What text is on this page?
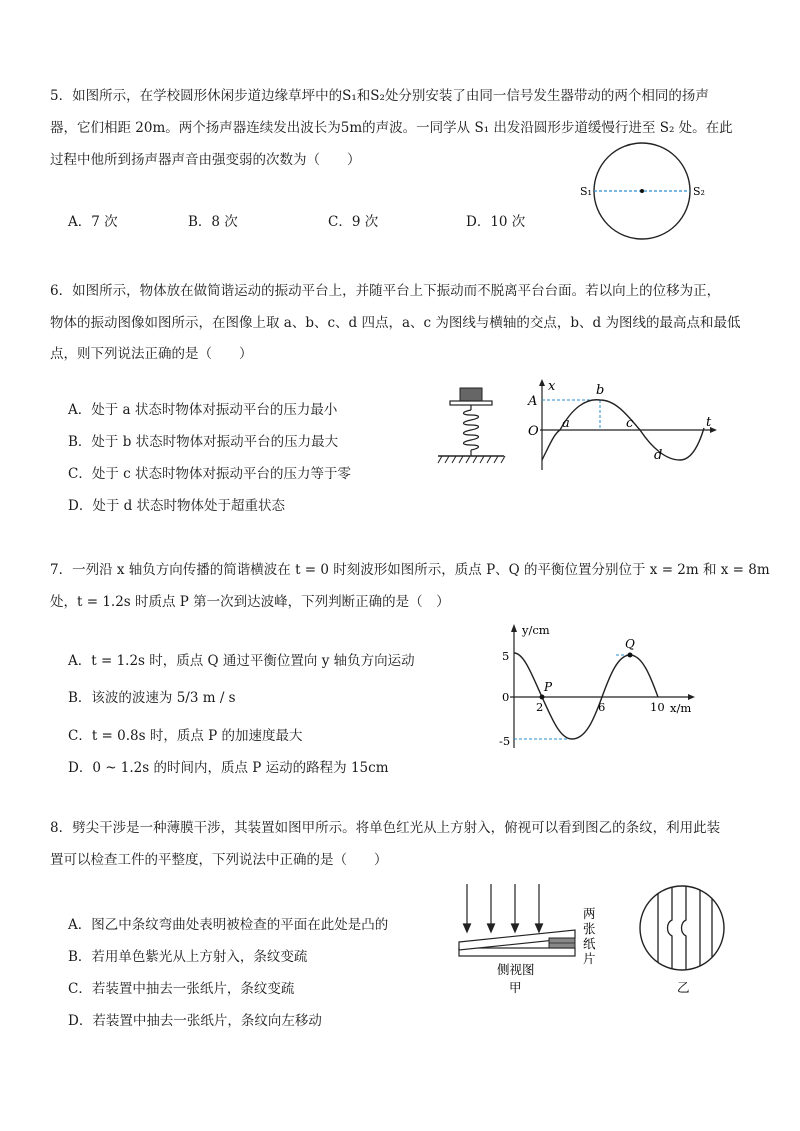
5．如图所示，在学校圆形休闲步道边缘草坪中的S₁和S₂处分别安装了由同一信号发生器带动的两个相同的扬声
器，它们相距 20m。两个扬声器连续发出波长为5m的声波。一同学从 S₁ 出发沿圆形步道缓慢行进至 S₂ 处。在此
过程中他所到扬声器声音由强变弱的次数为（　　）
A．7 次	B．8 次	C．9 次	D．10 次
S₁	S₂
6．如图所示，物体放在做简谐运动的振动平台上，并随平台上下振动而不脱离平台台面。若以向上的位移为正，
物体的振动图像如图所示，在图像上取 a、b、c、d 四点，a、c 为图线与横轴的交点，b、d 为图线的最高点和最低
点，则下列说法正确的是（　　）
A．处于 a 状态时物体对振动平台的压力最小
B．处于 b 状态时物体对振动平台的压力最大
C．处于 c 状态时物体对振动平台的压力等于零
D．处于 d 状态时物体处于超重状态
x
t
A
O
a
b
c
d
7．一列沿 x 轴负方向传播的简谐横波在 t = 0 时刻波形如图所示，质点 P、Q 的平衡位置分别位于 x = 2m 和 x = 8m
处，t = 1.2s 时质点 P 第一次到达波峰，下列判断正确的是（　）
A．t = 1.2s 时，质点 Q 通过平衡位置向 y 轴负方向运动
B．该波的波速为 5/3 m / s
C．t = 0.8s 时，质点 P 的加速度最大
D．0 ~ 1.2s 的时间内，质点 P 运动的路程为 15cm
y/cm
x/m
5
0
-5
2	6	10
P
Q
8．劈尖干涉是一种薄膜干涉，其装置如图甲所示。将单色红光从上方射入，俯视可以看到图乙的条纹，利用此装
置可以检查工件的平整度，下列说法中正确的是（　　）
A．图乙中条纹弯曲处表明被检查的平面在此处是凸的
B．若用单色紫光从上方射入，条纹变疏
C．若装置中抽去一张纸片，条纹变疏
D．若装置中抽去一张纸片，条纹向左移动
两
张
纸
片
侧视图
甲	乙
